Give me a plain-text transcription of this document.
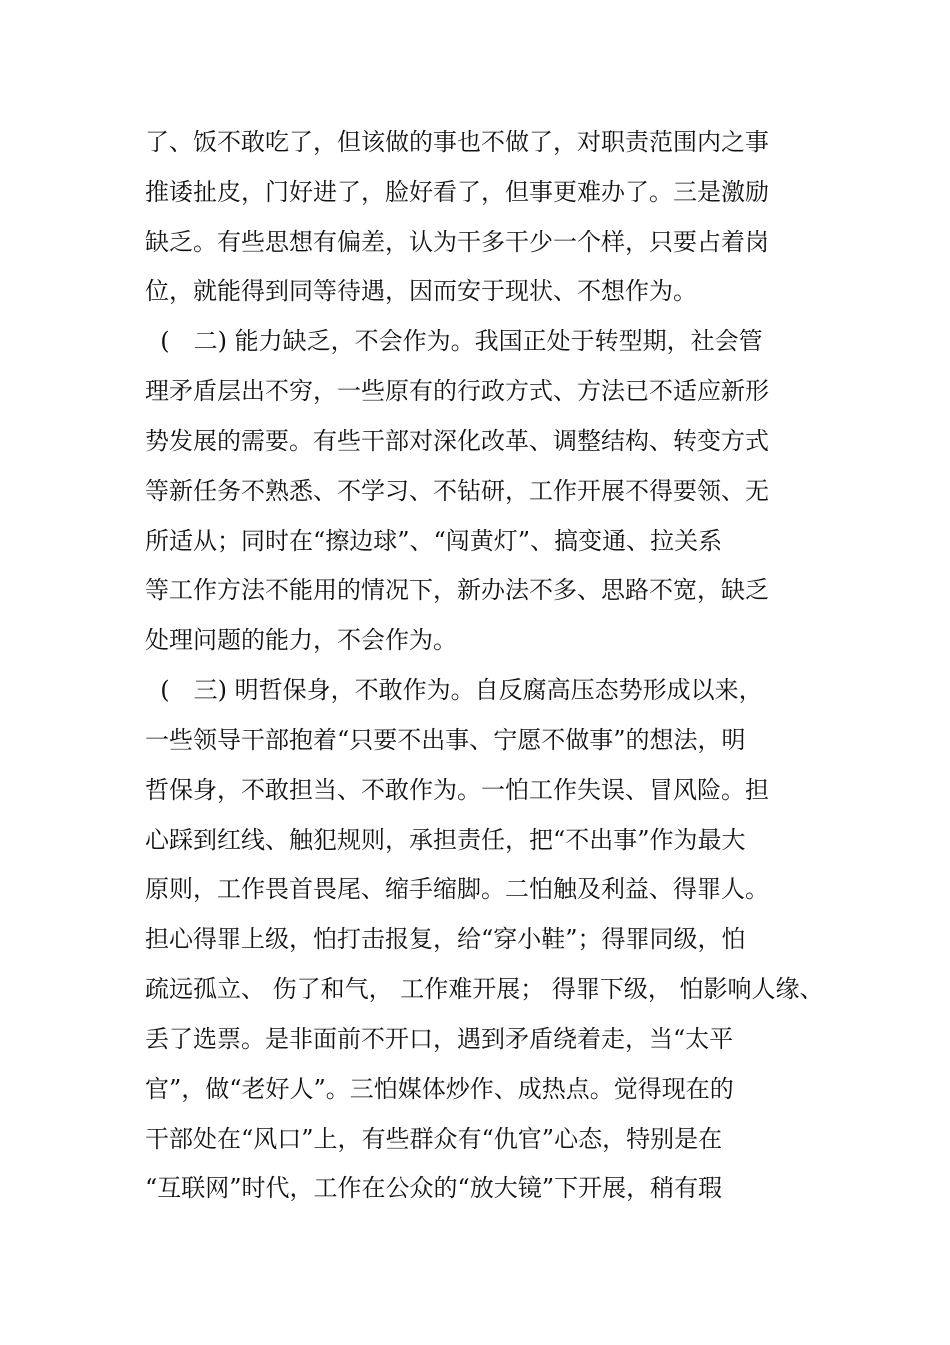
了、饭不敢吃了，但该做的事也不做了，对职责范围内之事
推诿扯皮，门好进了，脸好看了，但事更难办了。三是激励
缺乏。有些思想有偏差，认为干多干少一个样，只要占着岗
位，就能得到同等待遇，因而安于现状、不想作为。
(　二) 能力缺乏，不会作为。我国正处于转型期，社会管
理矛盾层出不穷，一些原有的行政方式、方法已不适应新形
势发展的需要。有些干部对深化改革、调整结构、转变方式
等新任务不熟悉、不学习、不钻研，工作开展不得要领、无
所适从；同时在“擦边球”、“闯黄灯”、搞变通、拉关系
等工作方法不能用的情况下，新办法不多、思路不宽，缺乏
处理问题的能力，不会作为。
(　三) 明哲保身，不敢作为。自反腐高压态势形成以来，
一些领导干部抱着“只要不出事、宁愿不做事”的想法，明
哲保身，不敢担当、不敢作为。一怕工作失误、冒风险。担
心踩到红线、触犯规则，承担责任，把“不出事”作为最大
原则，工作畏首畏尾、缩手缩脚。二怕触及利益、得罪人。
担心得罪上级，怕打击报复，给“穿小鞋”；得罪同级，怕
疏远孤立、 伤了和气， 工作难开展； 得罪下级， 怕影响人缘、
丢了选票。是非面前不开口，遇到矛盾绕着走，当“太平
官”，做“老好人”。三怕媒体炒作、成热点。觉得现在的
干部处在“风口”上，有些群众有“仇官”心态，特别是在
“互联网”时代，工作在公众的“放大镜”下开展，稍有瑕
